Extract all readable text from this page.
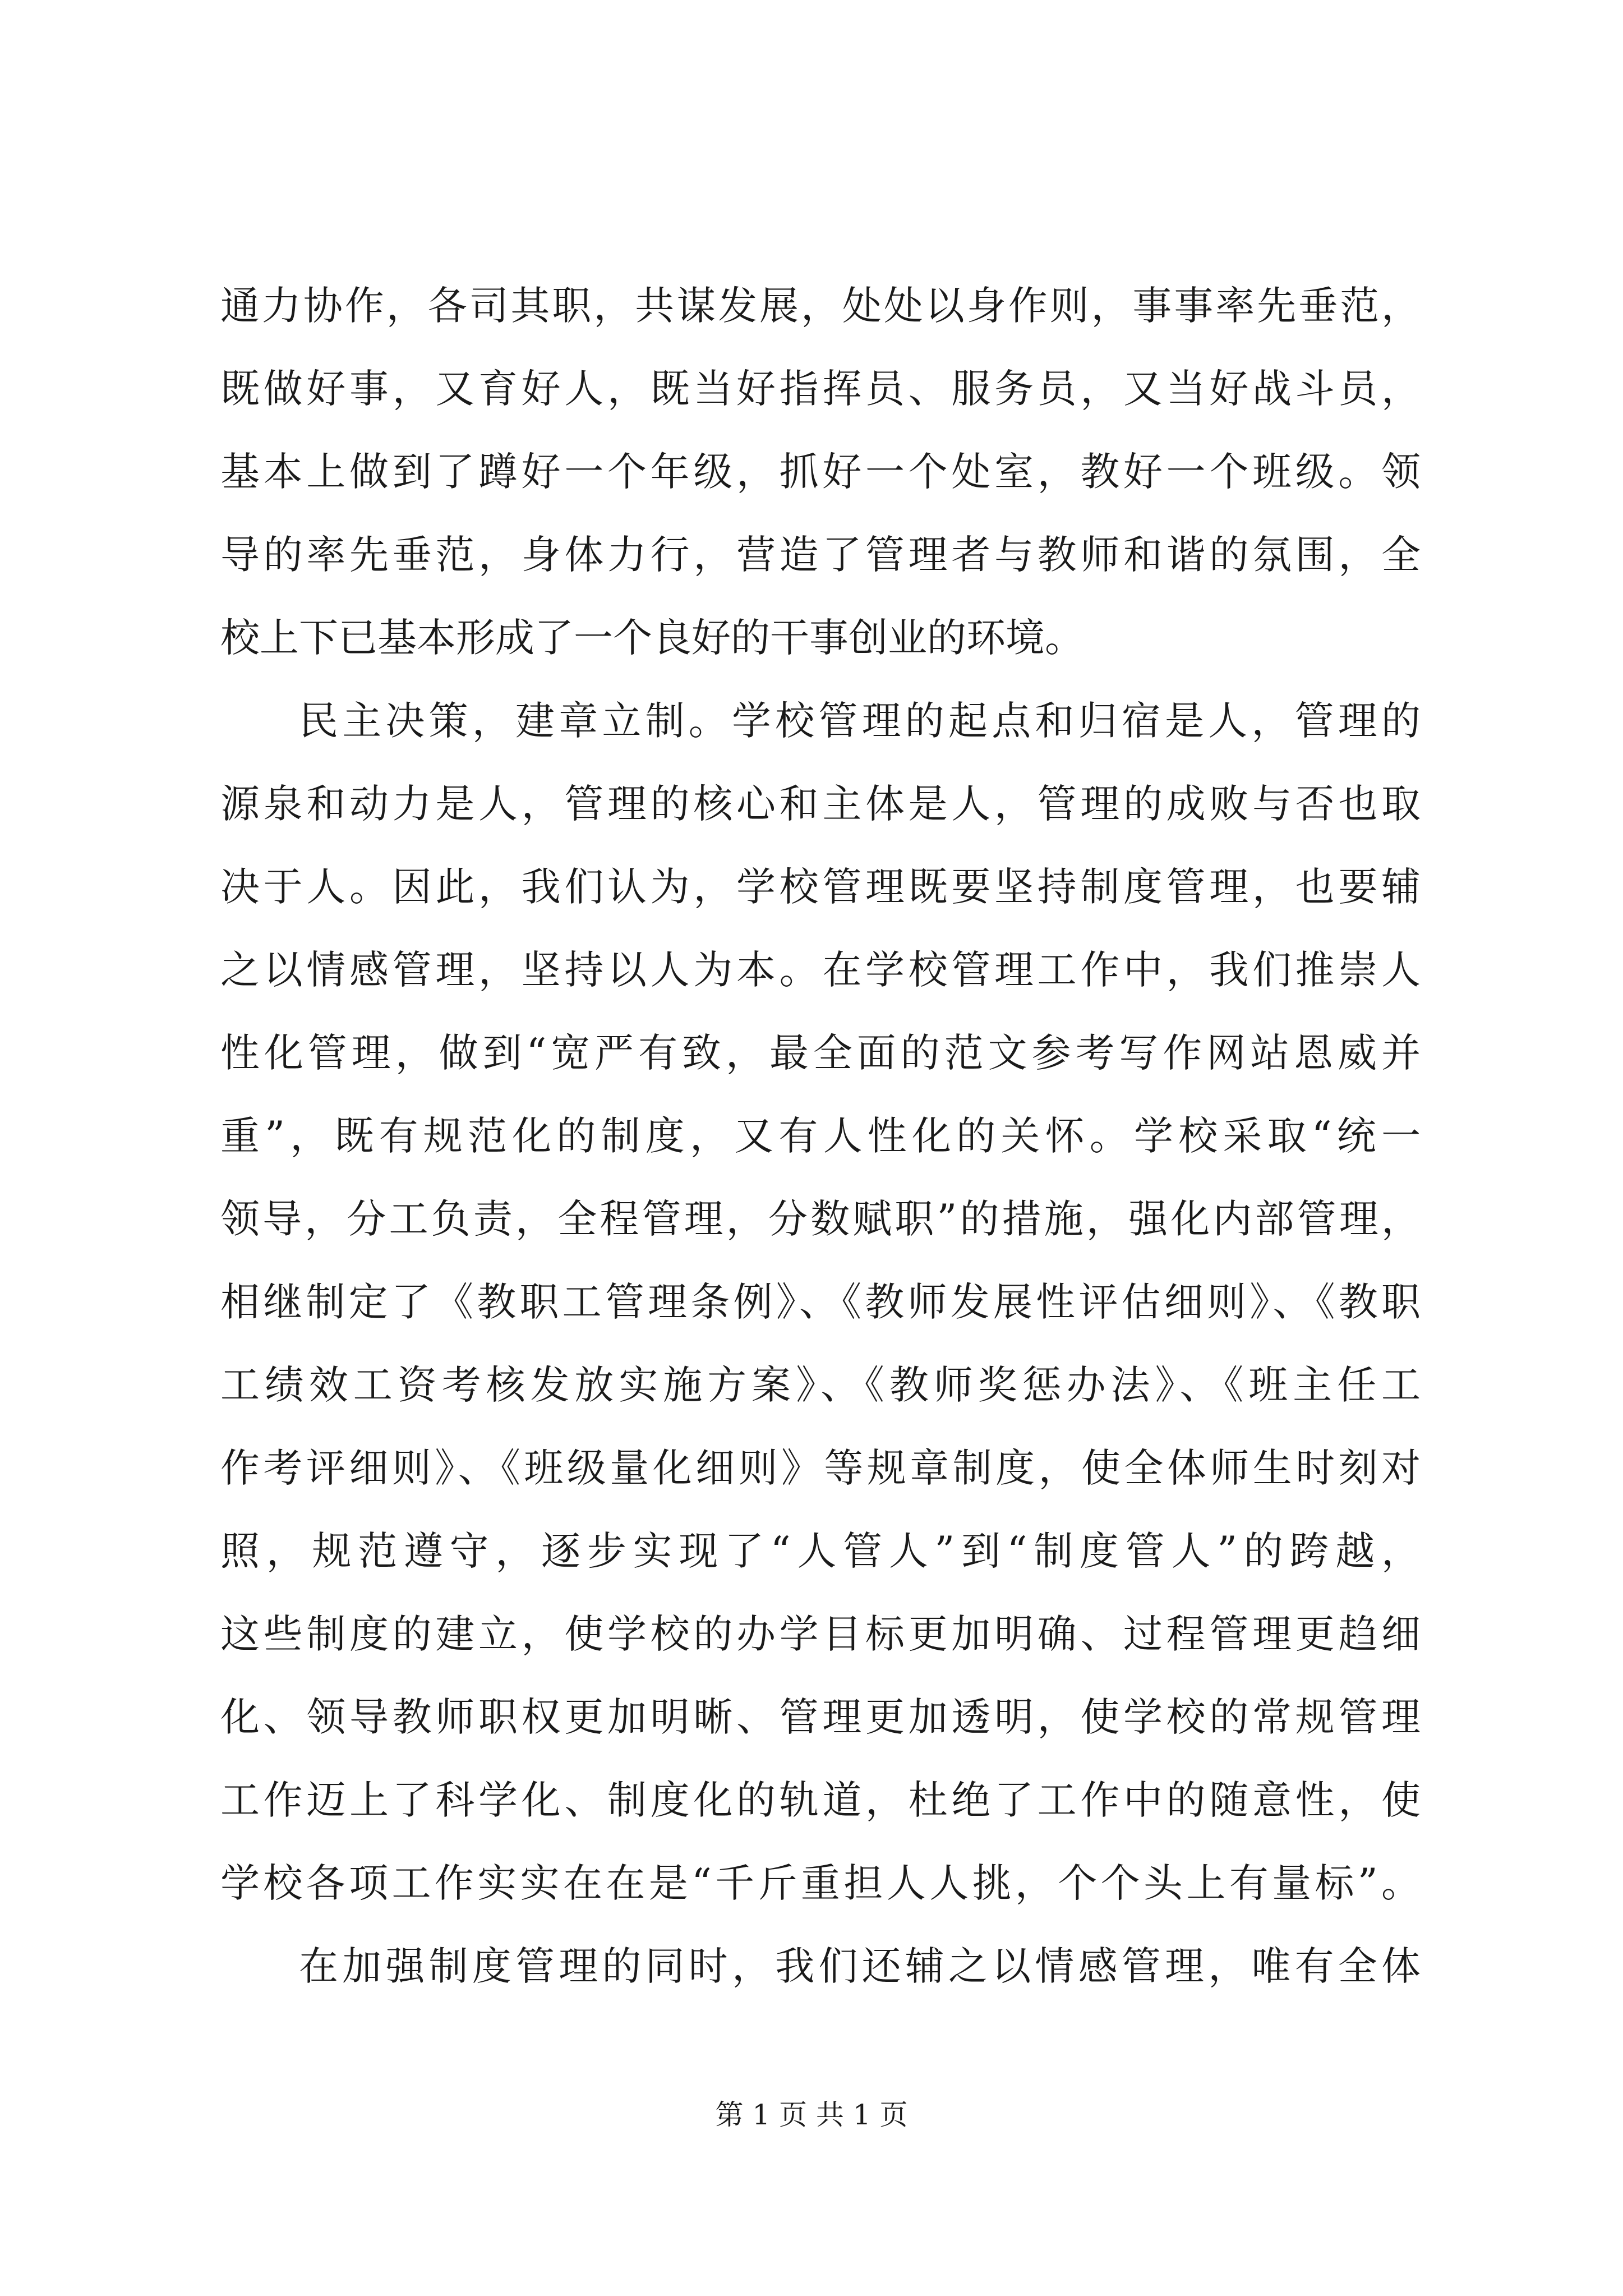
通力协作，各司其职，共谋发展，处处以身作则，事事率先垂范，
既做好事，又育好人，既当好指挥员、服务员，又当好战斗员，
基本上做到了蹲好一个年级，抓好一个处室，教好一个班级。领
导的率先垂范，身体力行，营造了管理者与教师和谐的氛围，全
校上下已基本形成了一个良好的干事创业的环境。
民主决策，建章立制。学校管理的起点和归宿是人，管理的
源泉和动力是人，管理的核心和主体是人，管理的成败与否也取
决于人。因此，我们认为，学校管理既要坚持制度管理，也要辅
之以情感管理，坚持以人为本。在学校管理工作中，我们推崇人
性化管理，做到“宽严有致，最全面的范文参考写作网站恩威并
重”，既有规范化的制度，又有人性化的关怀。学校采取“统一
领导，分工负责，全程管理，分数赋职”的措施，强化内部管理，
相继制定了《教职工管理条例》、《教师发展性评估细则》、《教职
工绩效工资考核发放实施方案》、《教师奖惩办法》、《班主任工
作考评细则》、《班级量化细则》等规章制度，使全体师生时刻对
照，规范遵守，逐步实现了“人管人”到“制度管人”的跨越，
这些制度的建立，使学校的办学目标更加明确、过程管理更趋细
化、领导教师职权更加明晰、管理更加透明，使学校的常规管理
工作迈上了科学化、制度化的轨道，杜绝了工作中的随意性，使
学校各项工作实实在在是“千斤重担人人挑，个个头上有量标”。
在加强制度管理的同时，我们还辅之以情感管理，唯有全体
第 1 页 共 1 页
